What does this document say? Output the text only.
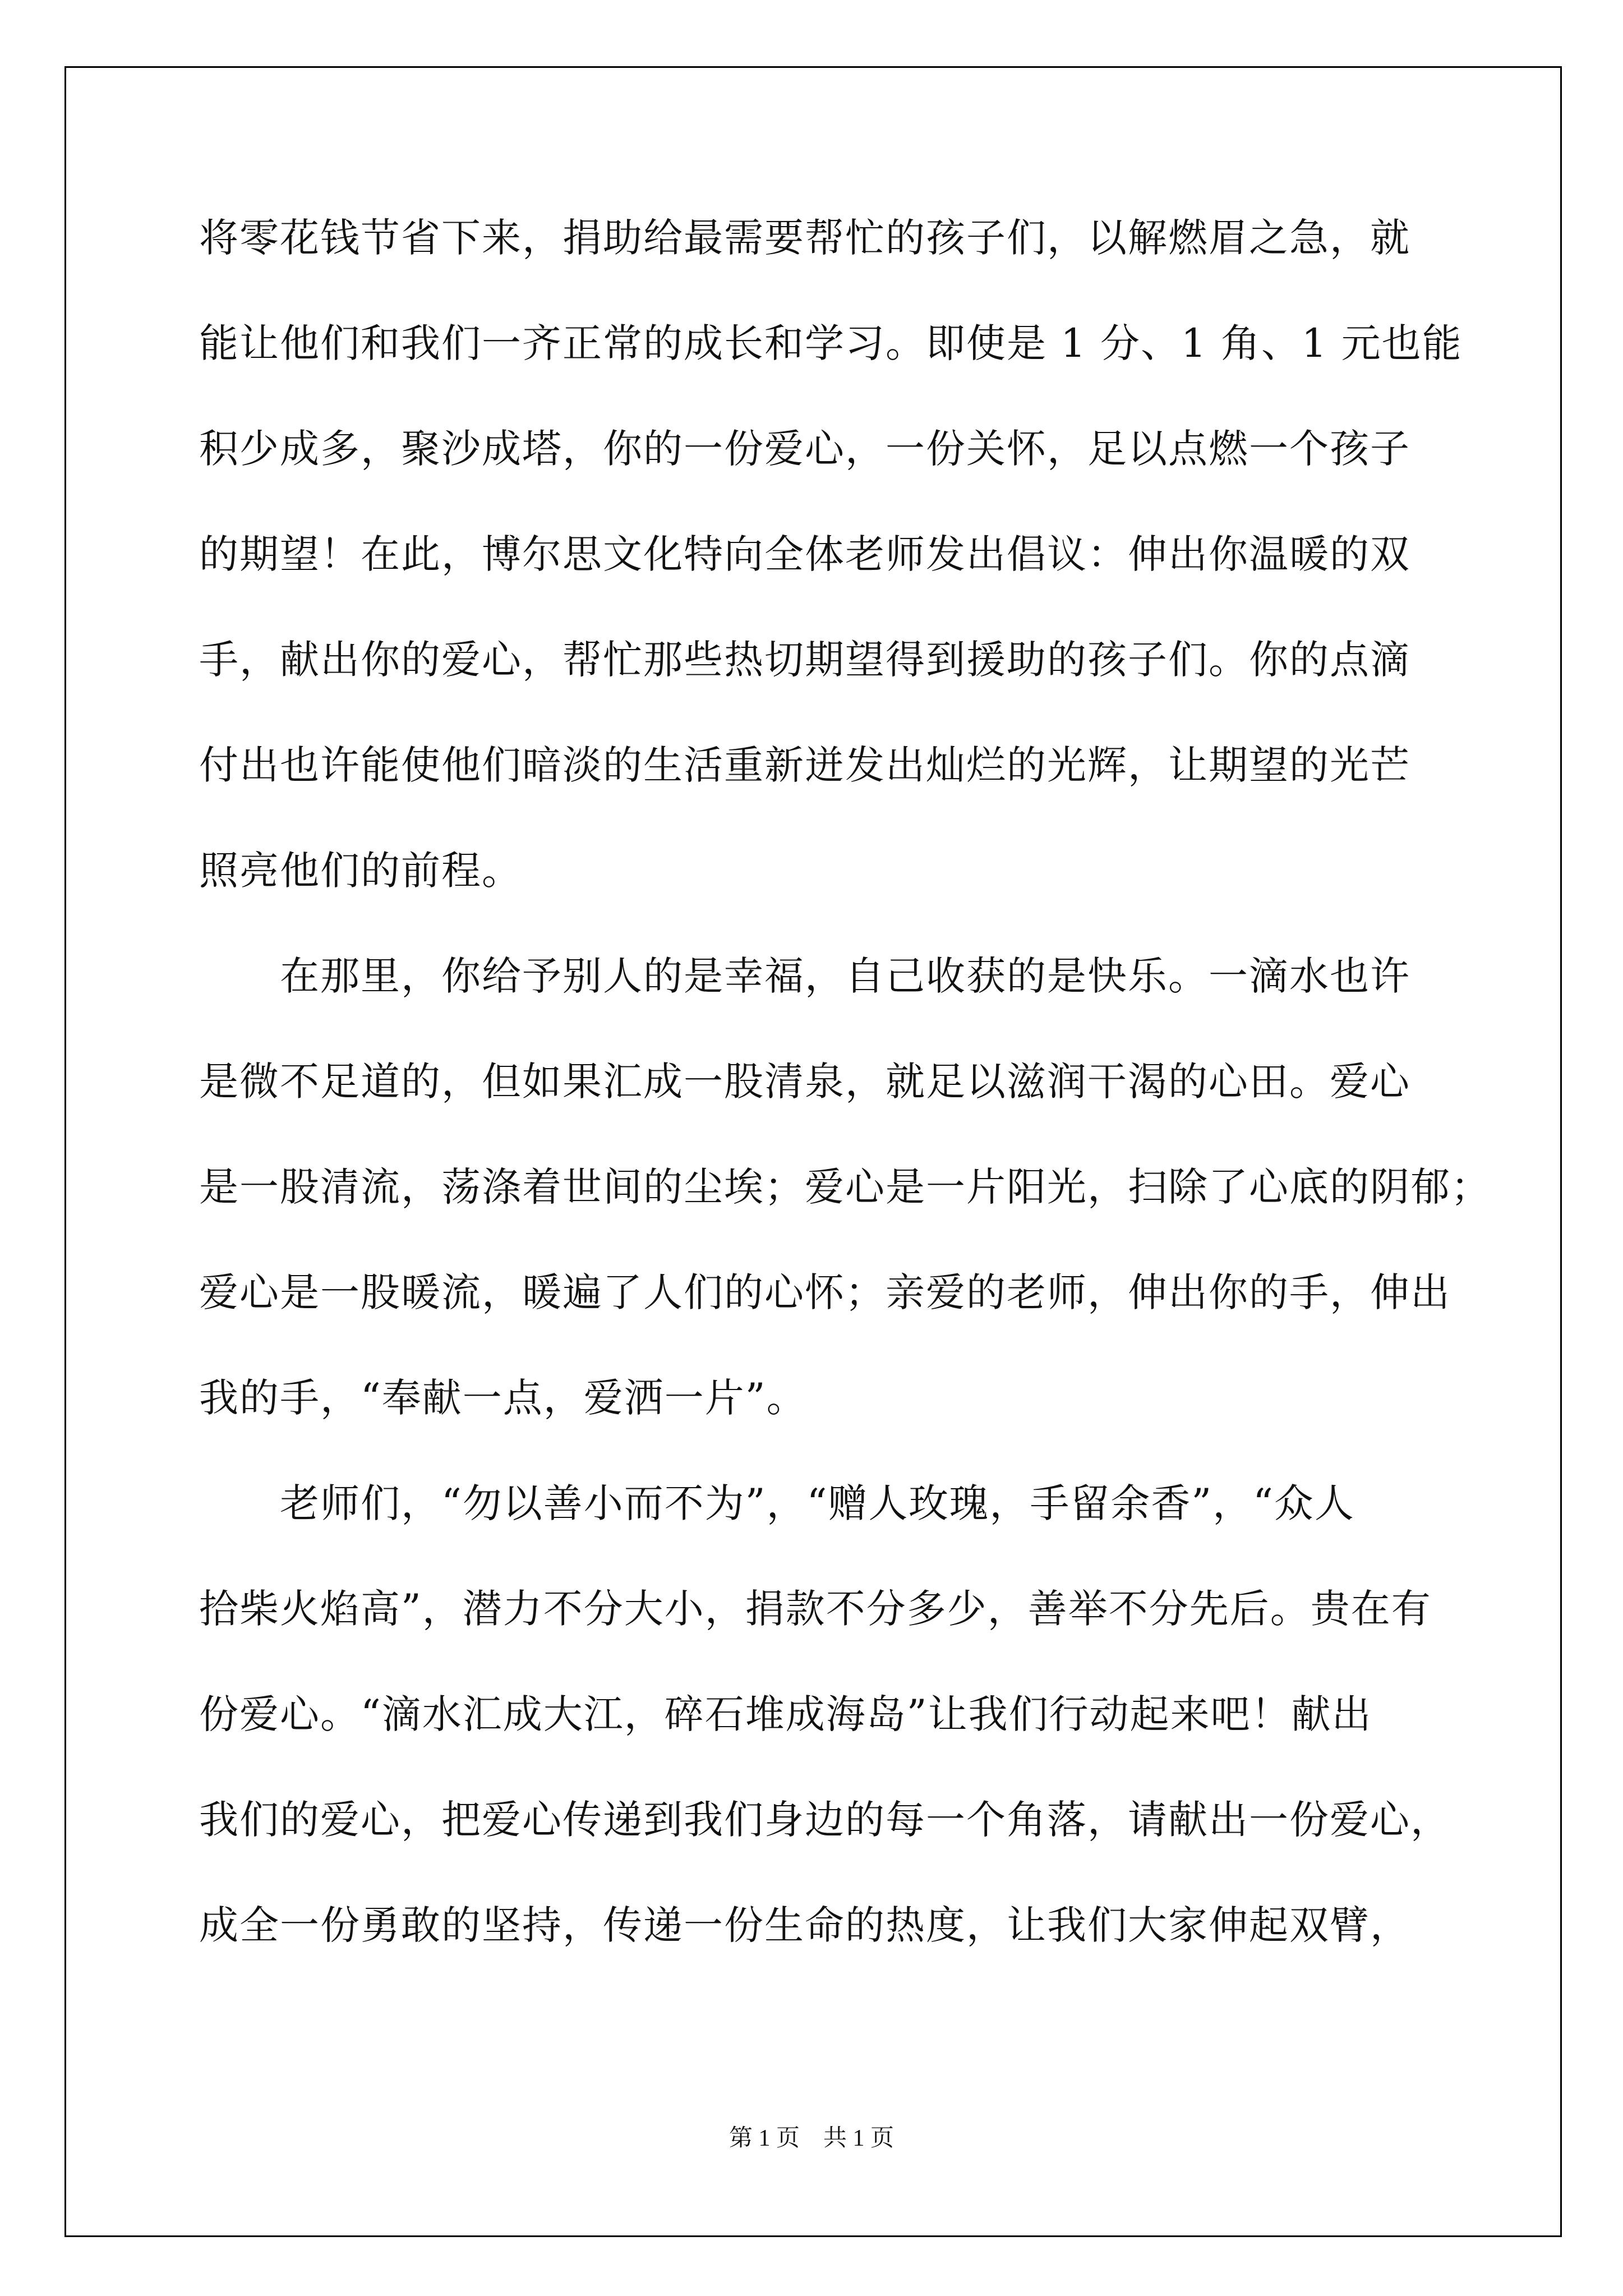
将零花钱节省下来，捐助给最需要帮忙的孩子们，以解燃眉之急，就
能让他们和我们一齐正常的成长和学习。即使是 1 分、1 角、1 元也能
积少成多，聚沙成塔，你的一份爱心，一份关怀，足以点燃一个孩子
的期望！在此，博尔思文化特向全体老师发出倡议：伸出你温暖的双
手，献出你的爱心，帮忙那些热切期望得到援助的孩子们。你的点滴
付出也许能使他们暗淡的生活重新迸发出灿烂的光辉，让期望的光芒
照亮他们的前程。
　　在那里，你给予别人的是幸福，自己收获的是快乐。一滴水也许
是微不足道的，但如果汇成一股清泉，就足以滋润干渴的心田。爱心
是一股清流，荡涤着世间的尘埃；爱心是一片阳光，扫除了心底的阴郁；
爱心是一股暖流，暖遍了人们的心怀；亲爱的老师，伸出你的手，伸出
我的手，“奉献一点，爱洒一片”。
　　老师们，“勿以善小而不为”，“赠人玫瑰，手留余香”，“众人
拾柴火焰高”，潜力不分大小，捐款不分多少，善举不分先后。贵在有
份爱心。“滴水汇成大江，碎石堆成海岛”让我们行动起来吧！献出
我们的爱心，把爱心传递到我们身边的每一个角落，请献出一份爱心，
成全一份勇敢的坚持，传递一份生命的热度，让我们大家伸起双臂，
第 1 页　共 1 页
